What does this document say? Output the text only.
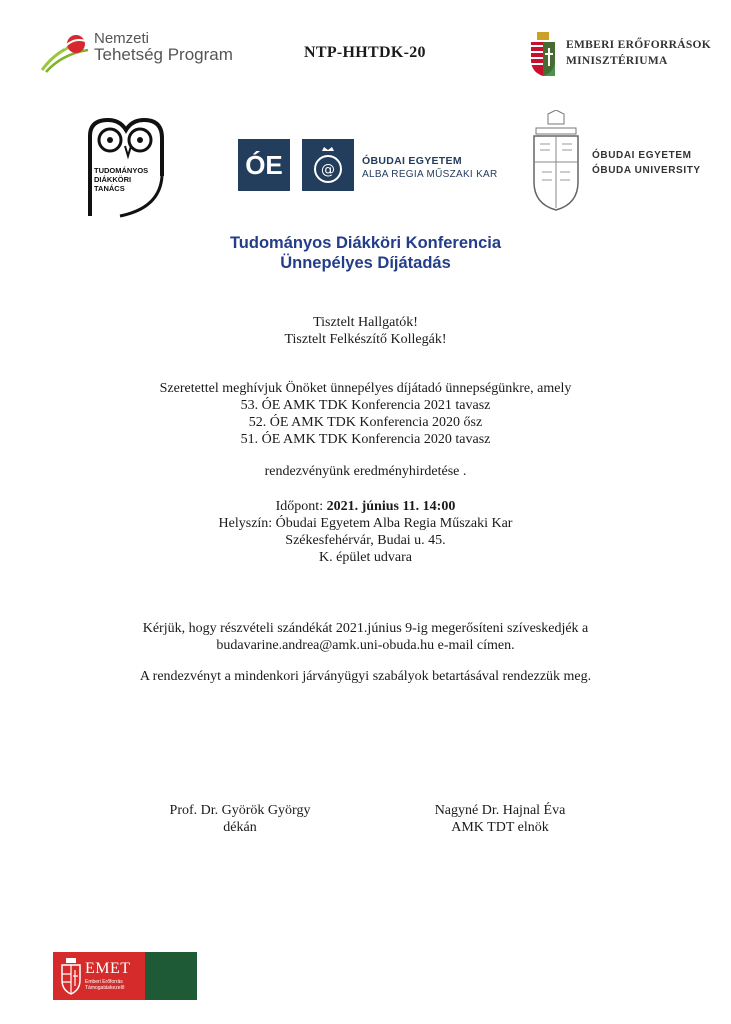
Nemzeti
Tehetség Program	NTP-HHTDK-20	EMBERI ERŐFORRÁSOK
MINISZTÉRIUMA
TUDOMÁNYOS
DIÁKKÖRI
TANÁCS
ÓE	@
ÓBUDAI EGYETEM
ALBA REGIA MŰSZAKI KAR
ÓBUDAI EGYETEM
ÓBUDA UNIVERSITY
Tudományos Diákköri Konferencia
Ünnepélyes Díjátadás
Tisztelt Hallgatók!
Tisztelt Felkészítő Kollegák!
Szeretettel meghívjuk Önöket ünnepélyes díjátadó ünnepségünkre, amely
53. ÓE AMK TDK Konferencia 2021 tavasz
52. ÓE AMK TDK Konferencia 2020 ősz
51. ÓE AMK TDK Konferencia 2020 tavasz
rendezvényünk eredményhirdetése .
Időpont: 2021. június 11. 14:00
Helyszín: Óbudai Egyetem Alba Regia Műszaki Kar
Székesfehérvár, Budai u. 45.
K. épület udvara
Kérjük, hogy részvételi szándékát 2021.június 9-ig megerősíteni szíveskedjék a
budavarine.andrea@amk.uni-obuda.hu e-mail címen.
A rendezvényt a mindenkori járványügyi szabályok betartásával rendezzük meg.
Prof. Dr. Györök György
dékán
Nagyné Dr. Hajnal Éva
AMK TDT elnök
EMET
Emberi Erőforrás
Támogatáskezelő
